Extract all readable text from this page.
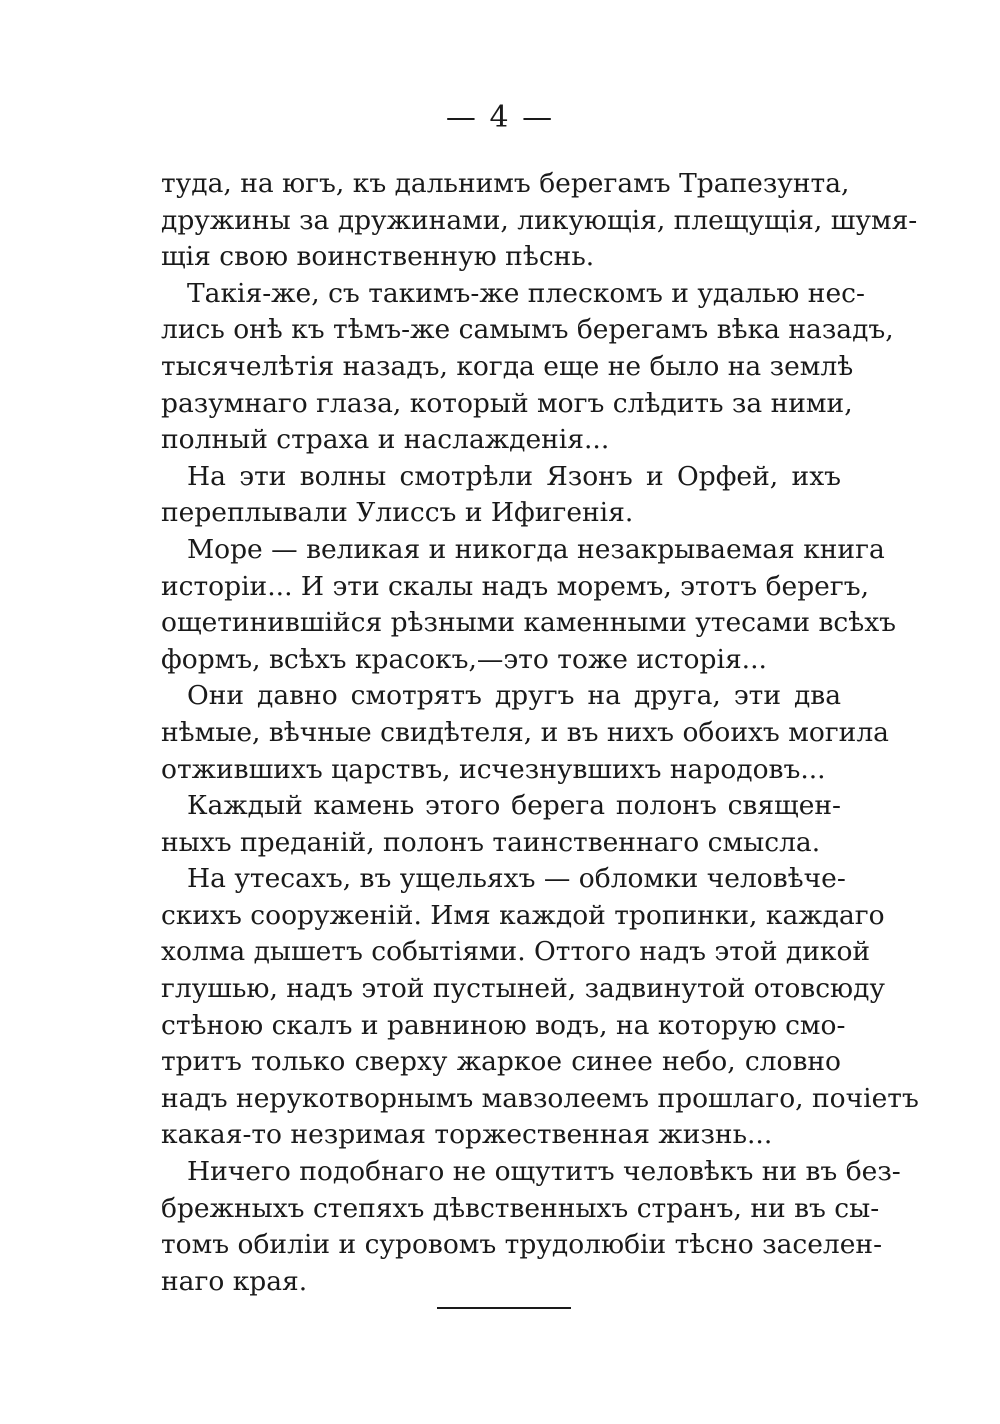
— 4 —
туда, на югъ, къ дальнимъ берегамъ Трапезунта,
дружины за дружинами, ликующія, плещущія, шумя-
щія свою воинственную пѣснь.
Такія-же, съ такимъ-же плескомъ и удалью нес-
лись онѣ къ тѣмъ-же самымъ берегамъ вѣка назадъ,
тысячелѣтія назадъ, когда еще не было на землѣ
разумнаго глаза, который могъ слѣдить за ними,
полный страха и наслажденія...
На эти волны смотрѣли Язонъ и Орфей, ихъ
переплывали Улиссъ и Ифигенія.
Море — великая и никогда незакрываемая книга
исторіи... И эти скалы надъ моремъ, этотъ берегъ,
ощетинившійся рѣзными каменными утесами всѣхъ
формъ, всѣхъ красокъ,—это тоже исторія...
Они давно смотрятъ другъ на друга, эти два
нѣмые, вѣчные свидѣтеля, и въ нихъ обоихъ могила
отжившихъ царствъ, исчезнувшихъ народовъ...
Каждый камень этого берега полонъ священ-
ныхъ преданій, полонъ таинственнаго смысла.
На утесахъ, въ ущельяхъ — обломки человѣче-
скихъ сооруженій. Имя каждой тропинки, каждаго
холма дышетъ событіями. Оттого надъ этой дикой
глушью, надъ этой пустыней, задвинутой отовсюду
стѣною скалъ и равниною водъ, на которую смо-
тритъ только сверху жаркое синее небо, словно
надъ нерукотворнымъ мавзолеемъ прошлаго, почіетъ
какая-то незримая торжественная жизнь...
Ничего подобнаго не ощутитъ человѣкъ ни въ без-
брежныхъ степяхъ дѣвственныхъ странъ, ни въ сы-
томъ обиліи и суровомъ трудолюбіи тѣсно заселен-
наго края.
